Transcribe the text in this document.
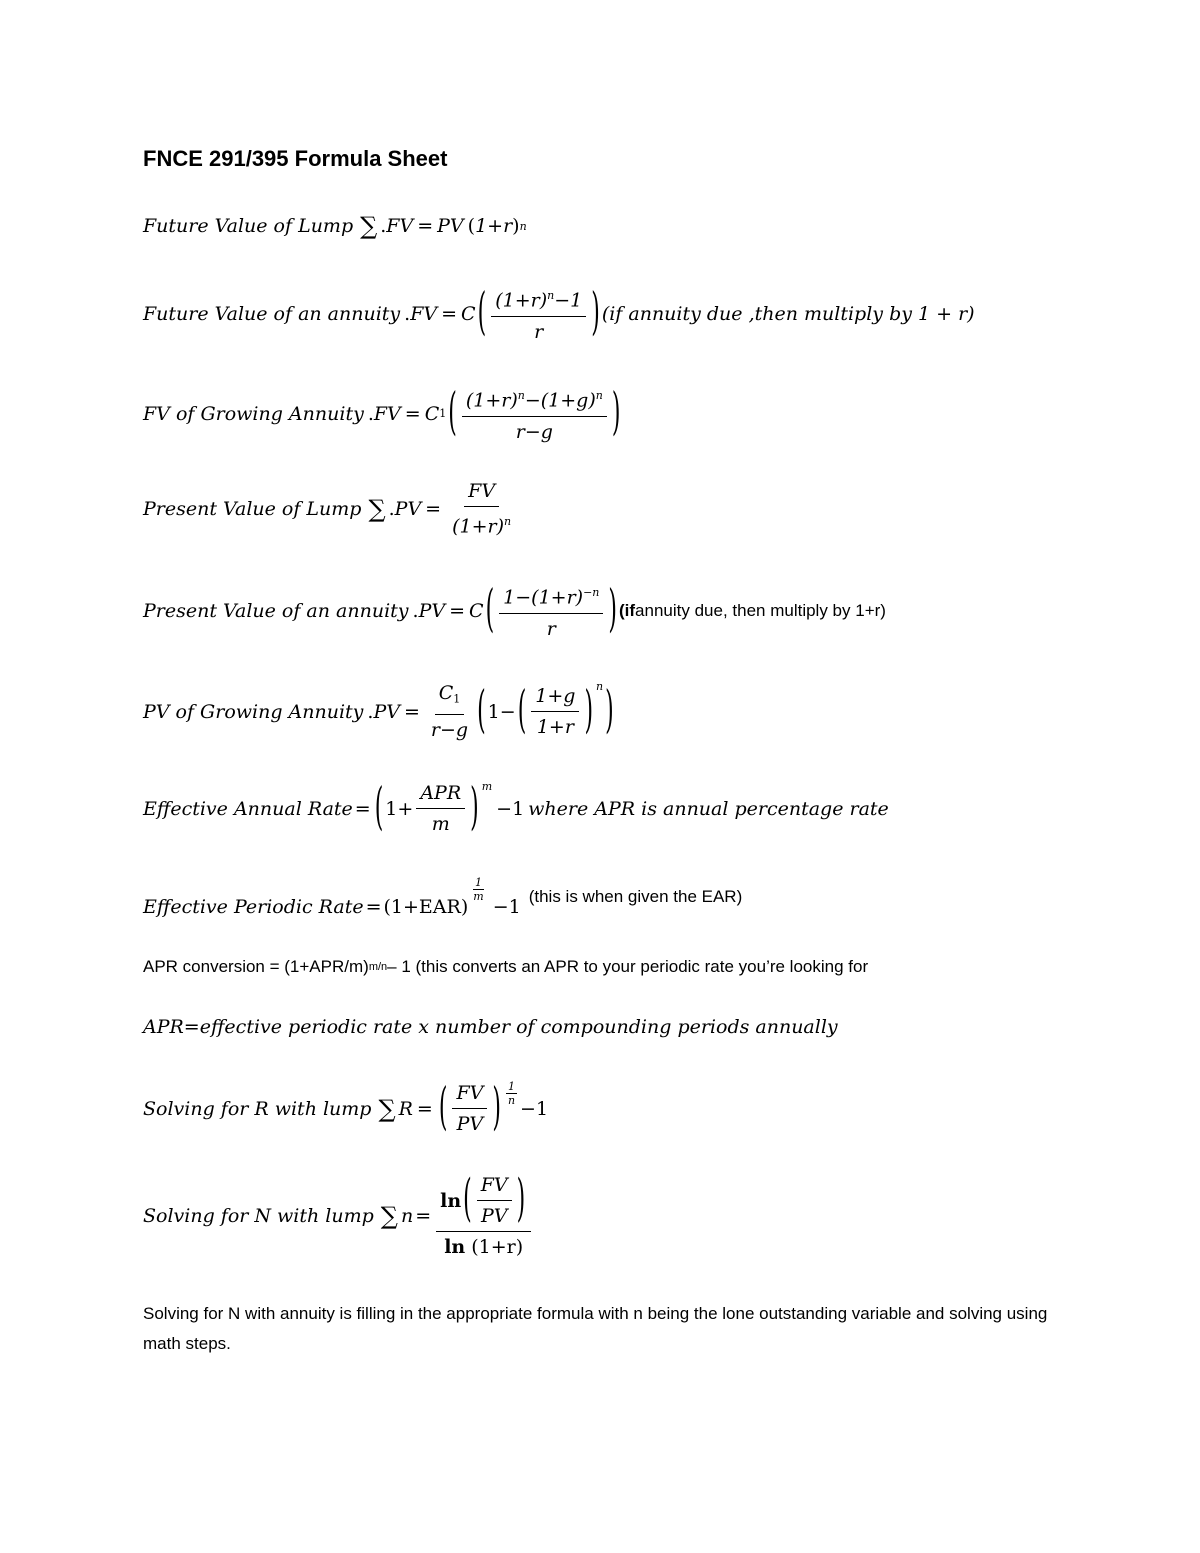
FNCE 291/395 Formula Sheet
Future Value of Lump ∑ . FV = PV ( 1+r ) n
Future Value of an annuity . FV = C ( $\frac{(1+r)^n-1}{r}$ ) (if annuity due ,then multiply by 1 + r)
FV of Growing Annuity . FV = C 1 ( $\frac{(1+r)^n-(1+g)^n}{r-g}$ )
Present Value of Lump ∑ . PV = $\frac{FV}{(1+r)^n}$
Present Value of an annuity . PV = C ( $\frac{1-(1+r)^{-n}}{r}$ ) (if annuity due, then multiply by 1+r)
PV of Growing Annuity . PV = $\frac{C_1}{r-g}$ ( 1− ( $\frac{1+g}{1+r}$ ) n )
Effective Annual Rate = ( $1+ \frac{\text{APR}}{m}$ ) m
−1 where APR is annual percentage rate
Effective Periodic Rate = (1+EAR)
$\frac{1}{m}$
−1 (this is when given the EAR)
APR conversion = (1+APR/m) m/n – 1 (this converts an APR to your periodic rate you’re looking for
APR=effective periodic rate x number of compounding periods annually
Solving for R with lump ∑ R = ( $\frac{FV}{PV}$ ) $\frac{1}{n}$
−1
Solving for N with lump ∑ n =
ln ( $\frac{FV}{PV}$ )
ln (1+r)
Solving for N with annuity is filling in the appropriate formula with n being the lone outstanding variable and solving using math steps.
